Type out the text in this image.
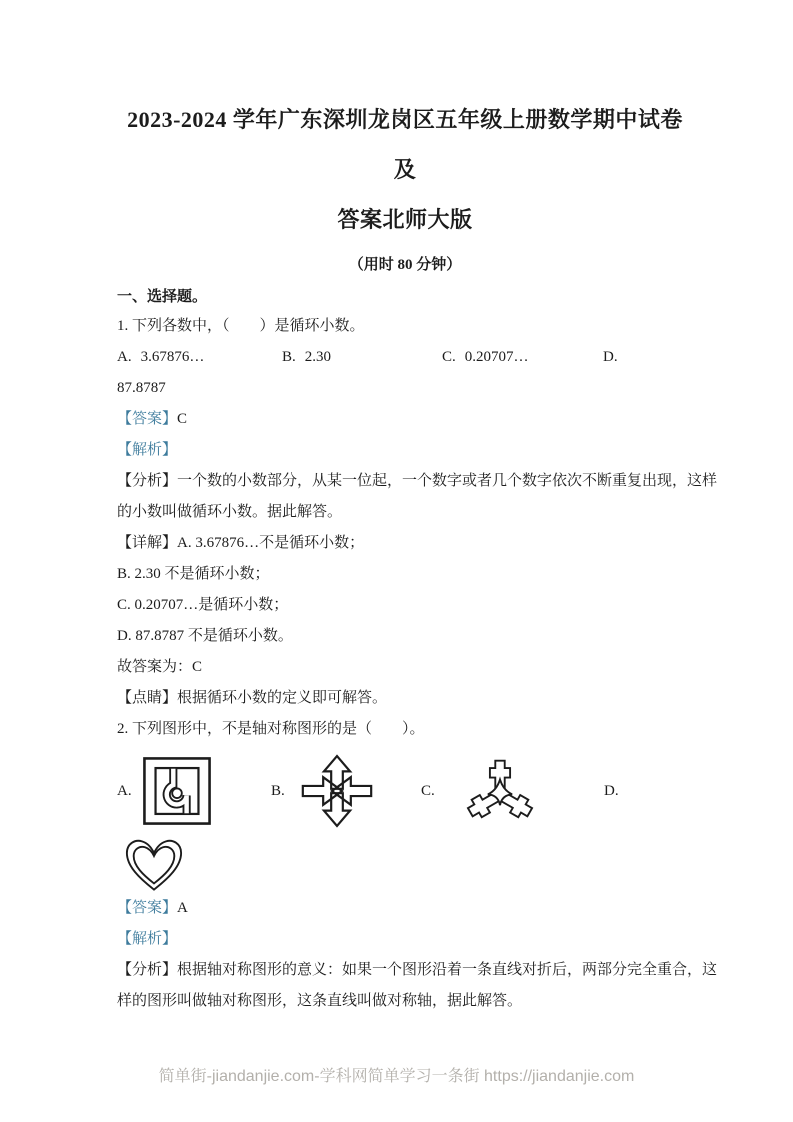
2023-2024 学年广东深圳龙岗区五年级上册数学期中试卷及
答案北师大版
（用时 80 分钟）
一、选择题。

1. 下列各数中，（　　）是循环小数。

A. 3.67876…	B. 2.30	C. 0.20707…	D.

87.8787

【答案】C

【解析】

【分析】一个数的小数部分，从某一位起，一个数字或者几个数字依次不断重复出现，这样

的小数叫做循环小数。据此解答。

【详解】A. 3.67876…不是循环小数；

B. 2.30 不是循环小数；

C. 0.20707…是循环小数；

D. 87.8787 不是循环小数。

故答案为：C

【点睛】根据循环小数的定义即可解答。

2. 下列图形中，不是轴对称图形的是（　　）。

A.	B.	C.	D.

【答案】A

【解析】

【分析】根据轴对称图形的意义：如果一个图形沿着一条直线对折后，两部分完全重合，这

样的图形叫做轴对称图形，这条直线叫做对称轴，据此解答。

简单街-jiandanjie.com-学科网简单学习一条街 https://jiandanjie.com
